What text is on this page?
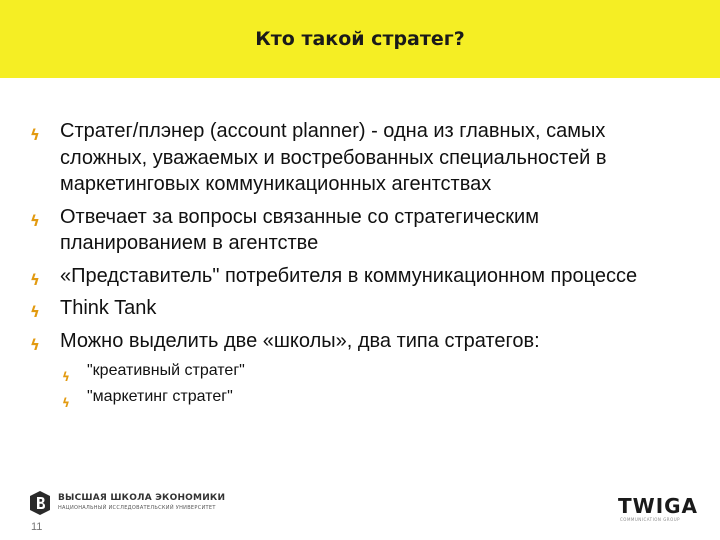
Кто такой стратег?
ϟ Стратег/плэнер (account planner) - одна из главных, самых сложных, уважаемых и востребованных специальностей в маркетинговых коммуникационных агентствах
ϟ Отвечает за вопросы связанные со стратегическим планированием в агентстве
ϟ «Представитель" потребителя в коммуникационном процессе
ϟ Think Tank
ϟ Можно выделить две «школы», два типа стратегов:
ϟ "креативный стратег"
ϟ "маркетинг стратег"
ВЫСШАЯ ШКОЛА ЭКОНОМИКИ
НАЦИОНАЛЬНЫЙ ИССЛЕДОВАТЕЛЬСКИЙ УНИВЕРСИТЕТ
11
TWIGA
COMMUNICATION GROUP
